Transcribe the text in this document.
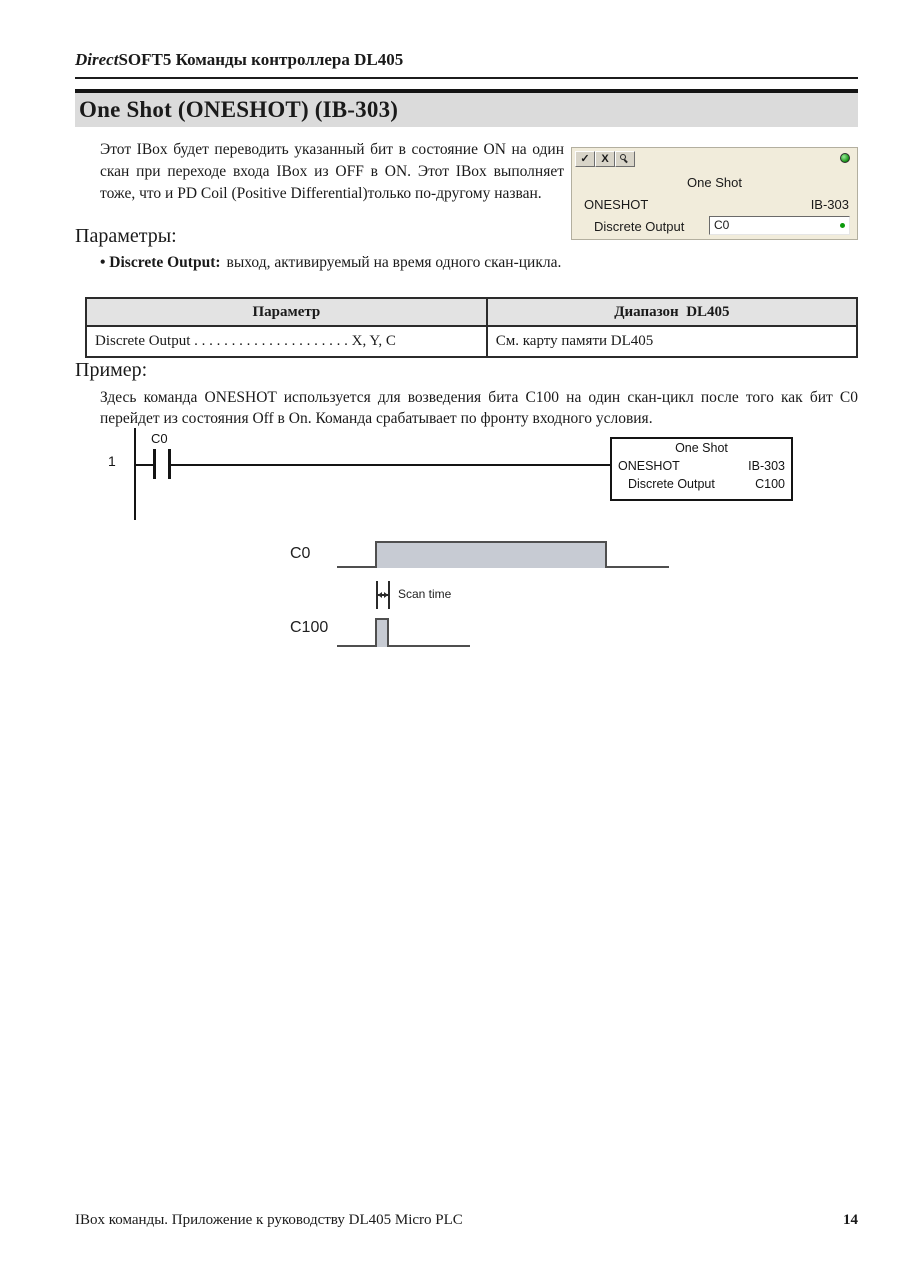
DirectSOFT5 Команды контроллера DL405
One Shot (ONESHOT) (IB-303)
Этот IBox будет переводить указанный бит в состояние ON на один скан при переходе входа IBox из OFF в ON. Этот IBox выполняет тоже, что и PD Coil (Positive Differential)только по-другому назван.
✓ X
One Shot
ONESHOT	IB-303
Discrete Output	C0
Параметры:
• Discrete Output: выход, активируемый на время одного скан-цикла.
Параметр	Диапазон  DL405
Discrete Output . . . . . . . . . . . . . . . . . . . . . X, Y, C	См. карту памяти DL405
Пример:
Здесь команда ONESHOT используется для возведения бита C100 на один скан-цикл после того как бит C0 перейдет из состояния Off в On. Команда срабатывает по фронту входного условия.
1
C0
One Shot
ONESHOT	IB-303
Discrete Output	C100
C0
Scan time
C100
IBox команды. Приложение к руководству DL405 Micro PLC	14
